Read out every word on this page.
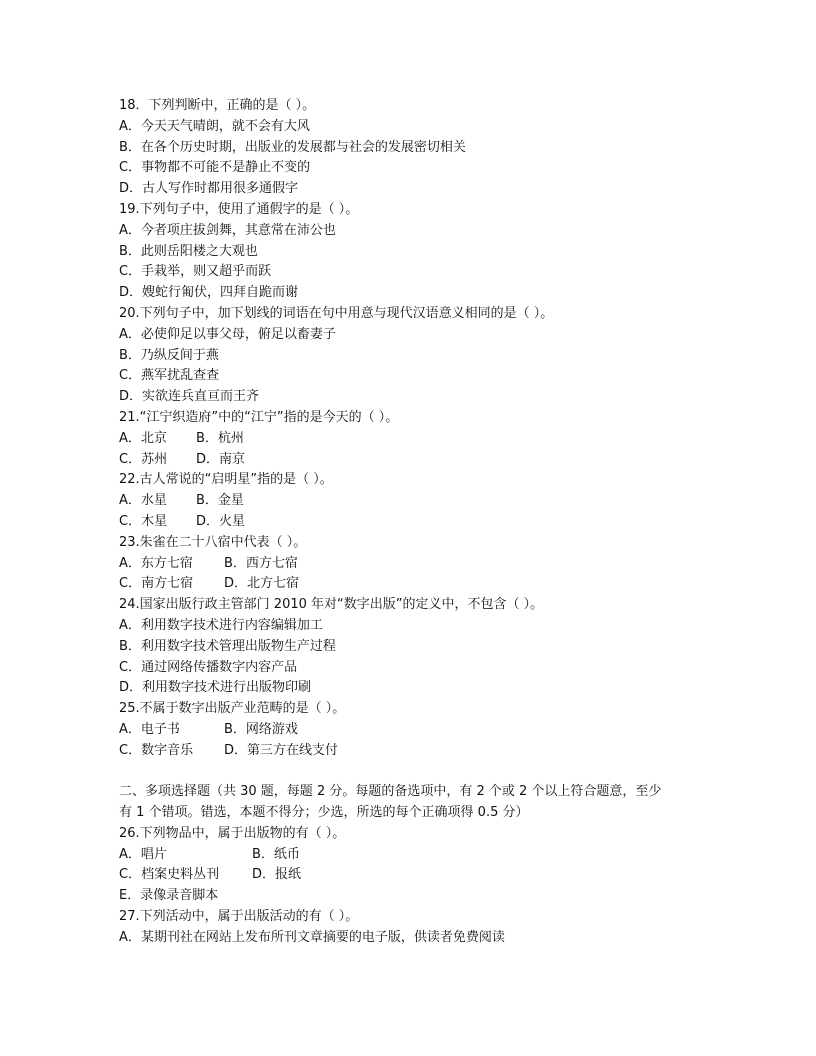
18．下列判断中，正确的是（ ）。
A．今天天气晴朗，就不会有大风
B．在各个历史时期，出版业的发展都与社会的发展密切相关
C．事物都不可能不是静止不变的
D．古人写作时都用很多通假字
19.下列句子中，使用了通假字的是（ ）。
A．今者项庄拔剑舞，其意常在沛公也
B．此则岳阳楼之大观也
C．手栽举，则又超乎而跃
D．嫂蛇行匍伏，四拜自跪而谢
20.下列句子中，加下划线的词语在句中用意与现代汉语意义相同的是（ ）。
A．必使仰足以事父母，俯足以畜妻子
B．乃纵反间于燕
C．燕军扰乱查查
D．实欲连兵直亘而王齐
21.“江宁织造府”中的“江宁”指的是今天的（ ）。
A．北京	B．杭州
C．苏州	D．南京
22.古人常说的“启明星”指的是（ ）。
A．水星	B．金星
C．木星	D．火星
23.朱雀在二十八宿中代表（ ）。
A．东方七宿	B．西方七宿
C．南方七宿	D．北方七宿
24.国家出版行政主管部门 2010 年对“数字出版”的定义中，不包含（ ）。
A．利用数字技术进行内容编辑加工
B．利用数字技术管理出版物生产过程
C．通过网络传播数字内容产品
D．利用数字技术进行出版物印刷
25.不属于数字出版产业范畴的是（ ）。
A．电子书	B．网络游戏
C．数字音乐	D．第三方在线支付
二、多项选择题（共 30 题，每题 2 分。每题的备选项中，有 2 个或 2 个以上符合题意，至少
有 1 个错项。错选，本题不得分；少选，所选的每个正确项得 0.5 分）
26.下列物品中，属于出版物的有（ ）。
A．唱片	B．纸币
C．档案史料丛刊	D．报纸
E．录像录音脚本
27.下列活动中，属于出版活动的有（ ）。
A．某期刊社在网站上发布所刊文章摘要的电子版，供读者免费阅读
